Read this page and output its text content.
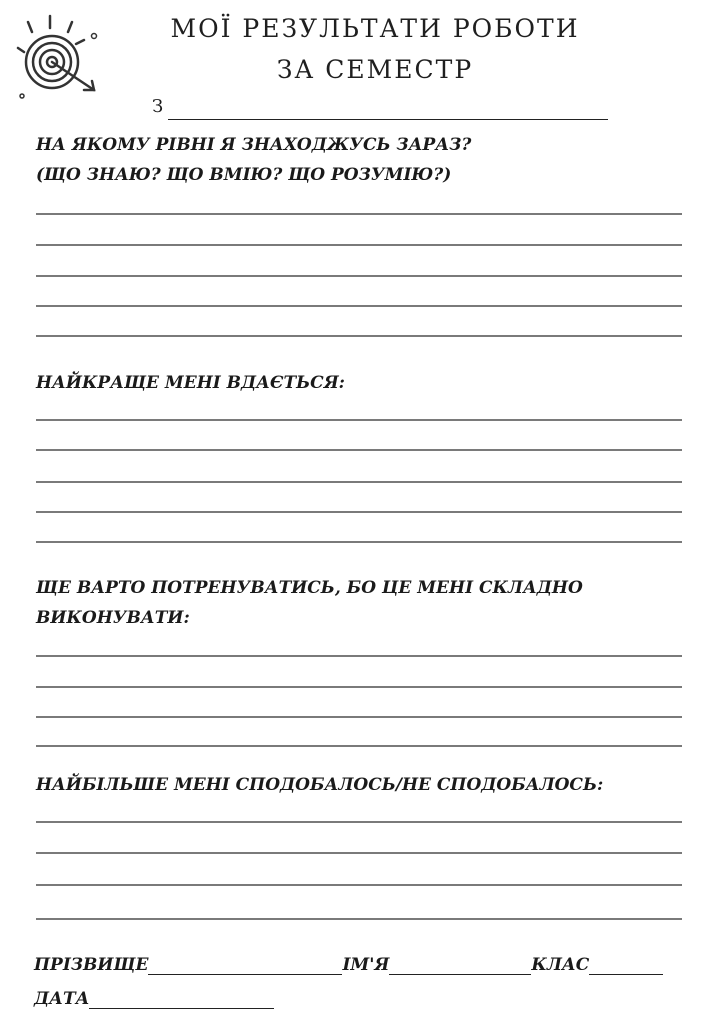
МОЇ РЕЗУЛЬТАТИ РОБОТИ
ЗА СЕМЕСТР
З
НА ЯКОМУ РІВНІ Я ЗНАХОДЖУСЬ ЗАРАЗ?
(ЩО ЗНАЮ? ЩО ВМІЮ? ЩО РОЗУМІЮ?)
НАЙКРАЩЕ МЕНІ ВДАЄТЬСЯ:
ЩЕ ВАРТО ПОТРЕНУВАТИСЬ, БО ЦЕ МЕНІ СКЛАДНО
ВИКОНУВАТИ:
НАЙБІЛЬШЕ МЕНІ СПОДОБАЛОСЬ/НЕ СПОДОБАЛОСЬ:
ПРІЗВИЩЕ	ІМ'Я	КЛАС
ДАТА
